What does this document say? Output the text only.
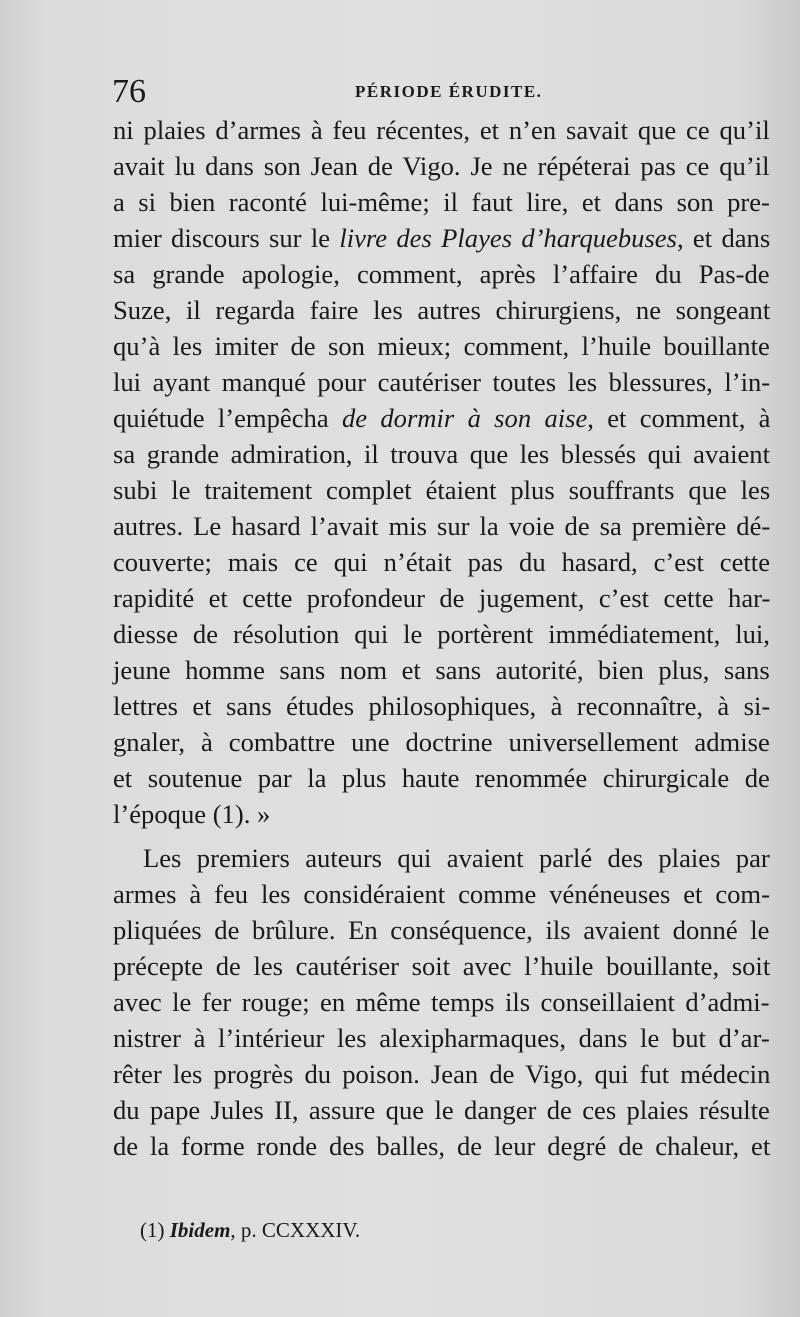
76	PÉRIODE ÉRUDITE.
ni plaies d’armes à feu récentes, et n’en savait que ce qu’il
avait lu dans son Jean de Vigo. Je ne répéterai pas ce qu’il
a si bien raconté lui-même; il faut lire, et dans son pre-
mier discours sur le livre des Playes d’harquebuses, et dans
sa grande apologie, comment, après l’affaire du Pas-de
Suze, il regarda faire les autres chirurgiens, ne songeant
qu’à les imiter de son mieux; comment, l’huile bouillante
lui ayant manqué pour cautériser toutes les blessures, l’in-
quiétude l’empêcha de dormir à son aise, et comment, à
sa grande admiration, il trouva que les blessés qui avaient
subi le traitement complet étaient plus souffrants que les
autres. Le hasard l’avait mis sur la voie de sa première dé-
couverte; mais ce qui n’était pas du hasard, c’est cette
rapidité et cette profondeur de jugement, c’est cette har-
diesse de résolution qui le portèrent immédiatement, lui,
jeune homme sans nom et sans autorité, bien plus, sans
lettres et sans études philosophiques, à reconnaître, à si-
gnaler, à combattre une doctrine universellement admise
et soutenue par la plus haute renommée chirurgicale de
l’époque (1). »
Les premiers auteurs qui avaient parlé des plaies par
armes à feu les considéraient comme vénéneuses et com-
pliquées de brûlure. En conséquence, ils avaient donné le
précepte de les cautériser soit avec l’huile bouillante, soit
avec le fer rouge; en même temps ils conseillaient d’admi-
nistrer à l’intérieur les alexipharmaques, dans le but d’ar-
rêter les progrès du poison. Jean de Vigo, qui fut médecin
du pape Jules II, assure que le danger de ces plaies résulte
de la forme ronde des balles, de leur degré de chaleur, et
(1) Ibidem, p. CCXXXIV.
